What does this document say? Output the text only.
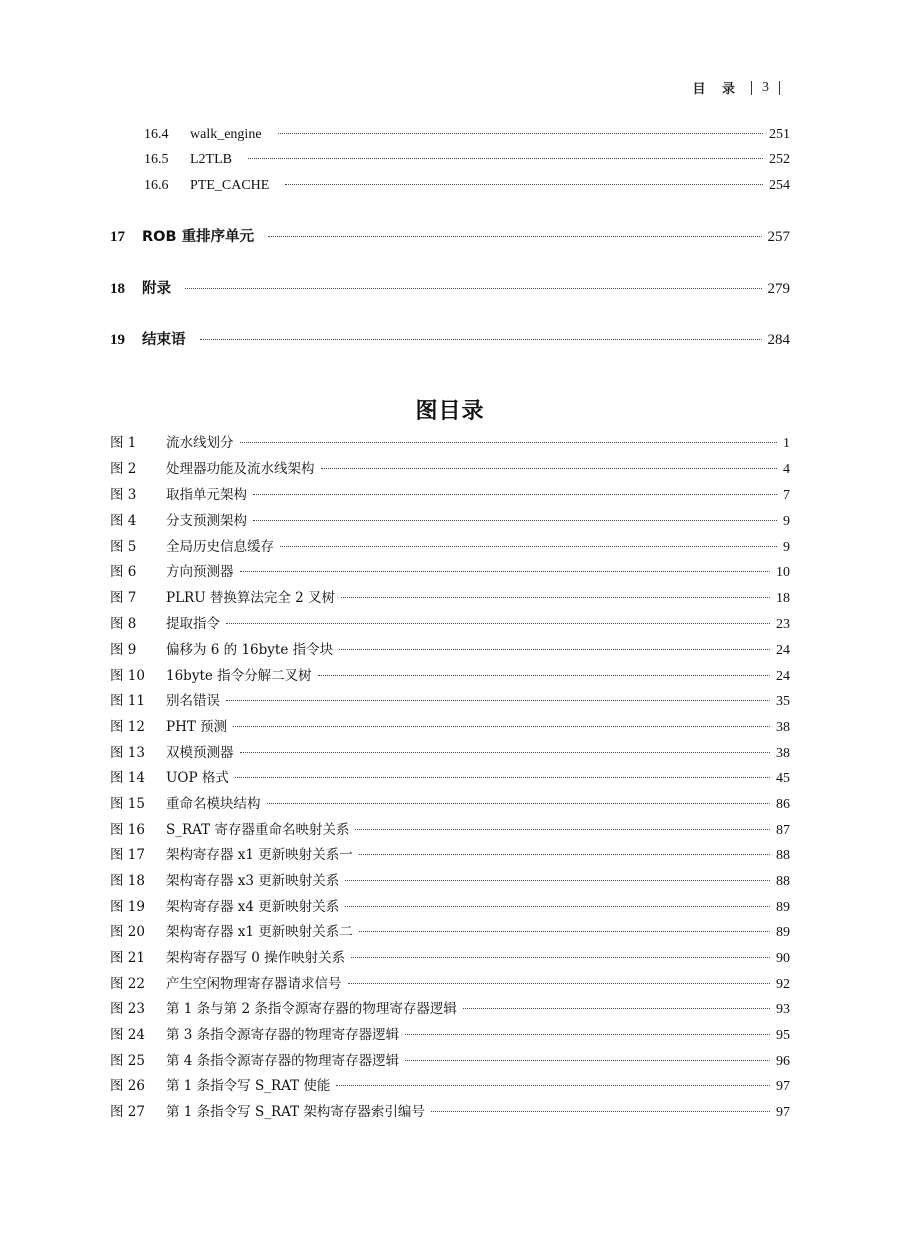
目 录 3
16.4	walk_engine	251
16.5	L2TLB	252
16.6	PTE_CACHE	254
17	ROB 重排序单元	257
18	附录	279
19	结束语	284
图目录
图 1	流水线划分	1
图 2	处理器功能及流水线架构	4
图 3	取指单元架构	7
图 4	分支预测架构	9
图 5	全局历史信息缓存	9
图 6	方向预测器	10
图 7	PLRU 替换算法完全 2 叉树	18
图 8	提取指令	23
图 9	偏移为 6 的 16byte 指令块	24
图 10	16byte 指令分解二叉树	24
图 11	别名错误	35
图 12	PHT 预测	38
图 13	双模预测器	38
图 14	UOP 格式	45
图 15	重命名模块结构	86
图 16	S_RAT 寄存器重命名映射关系	87
图 17	架构寄存器 x1 更新映射关系一	88
图 18	架构寄存器 x3 更新映射关系	88
图 19	架构寄存器 x4 更新映射关系	89
图 20	架构寄存器 x1 更新映射关系二	89
图 21	架构寄存器写 0 操作映射关系	90
图 22	产生空闲物理寄存器请求信号	92
图 23	第 1 条与第 2 条指令源寄存器的物理寄存器逻辑	93
图 24	第 3 条指令源寄存器的物理寄存器逻辑	95
图 25	第 4 条指令源寄存器的物理寄存器逻辑	96
图 26	第 1 条指令写 S_RAT 使能	97
图 27	第 1 条指令写 S_RAT 架构寄存器索引编号	97
